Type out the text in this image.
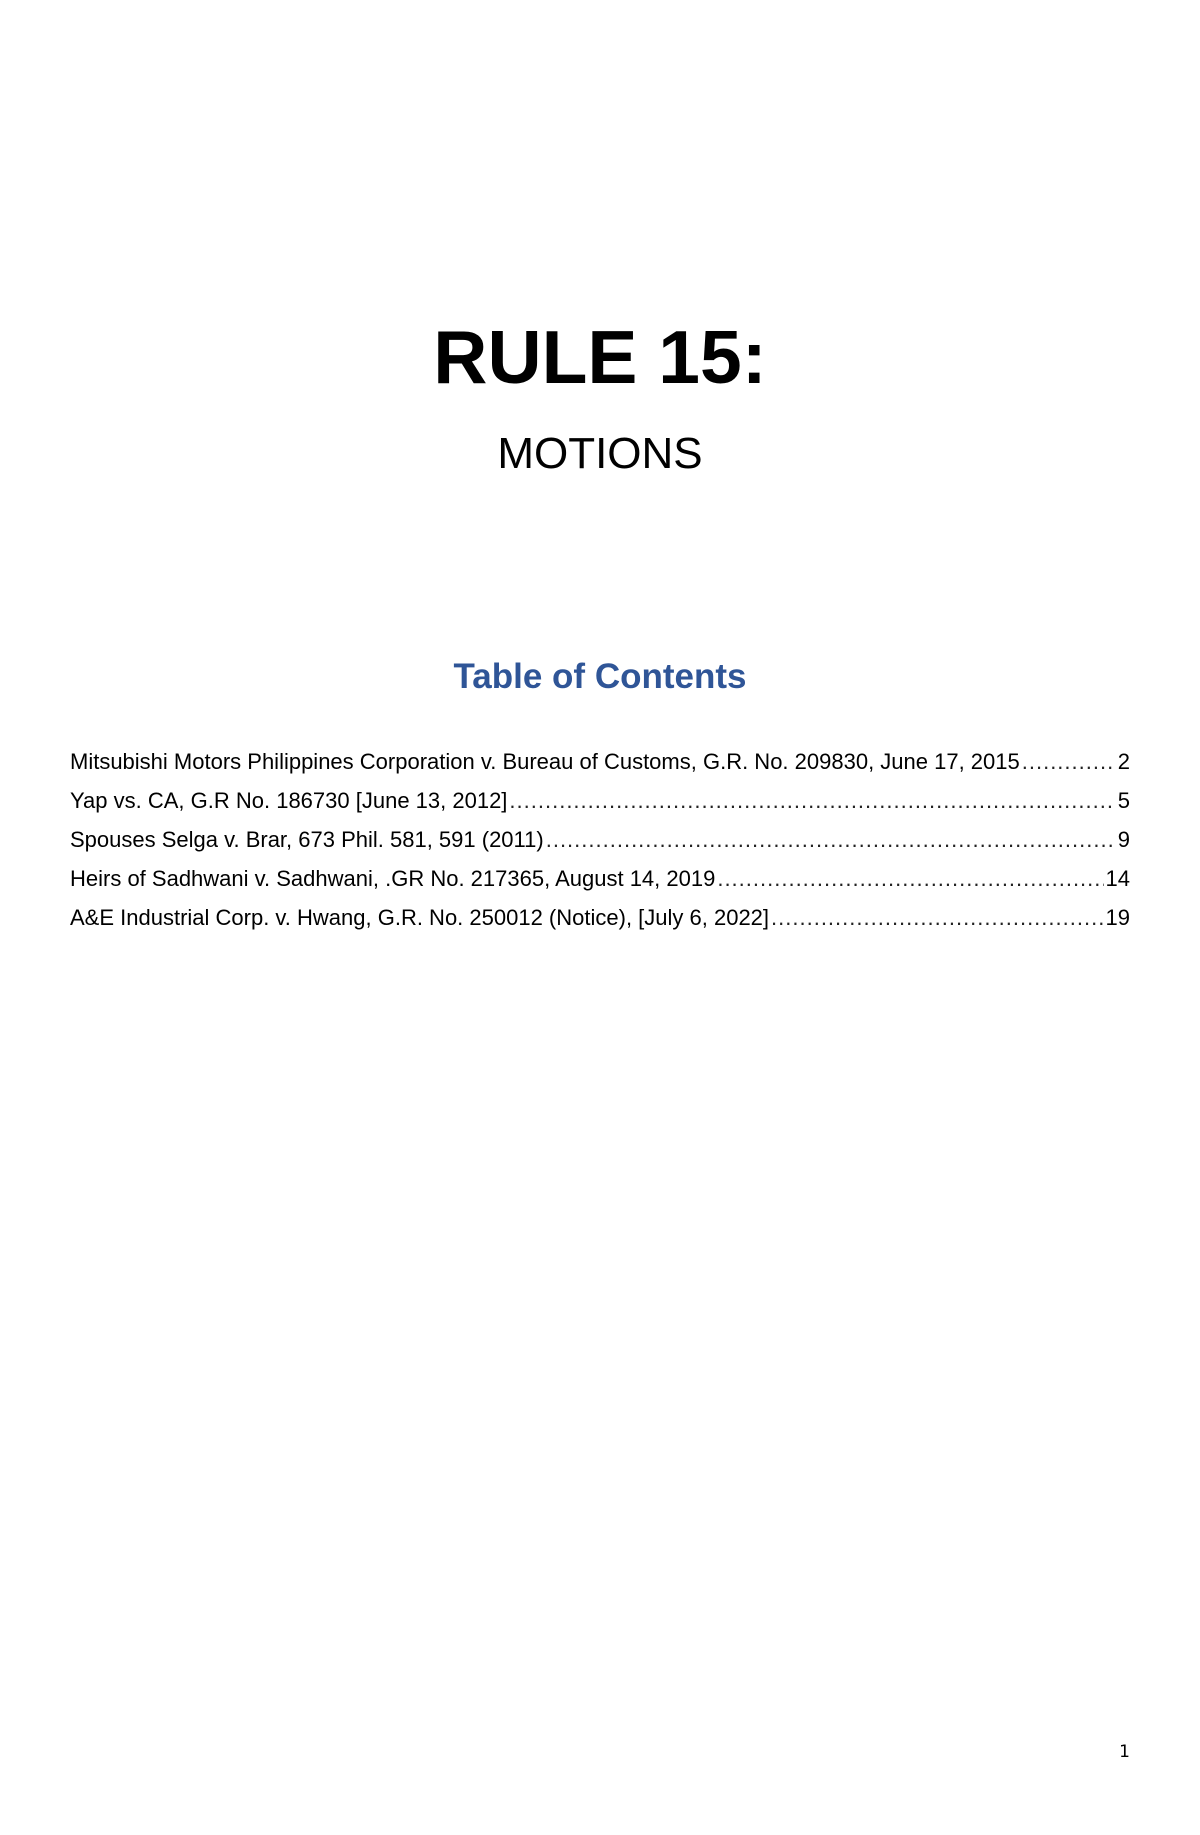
RULE 15:
MOTIONS
Table of Contents
Mitsubishi Motors Philippines Corporation v. Bureau of Customs, G.R. No. 209830, June 17, 2015 .....	2
Yap vs. CA, G.R No. 186730 [June 13, 2012] .....	5
Spouses Selga v. Brar, 673 Phil. 581, 591 (2011) .....	9
Heirs of Sadhwani v. Sadhwani, .GR No. 217365, August 14, 2019 .....	14
A&E Industrial Corp. v. Hwang, G.R. No. 250012 (Notice), [July 6, 2022] .....	19
1
